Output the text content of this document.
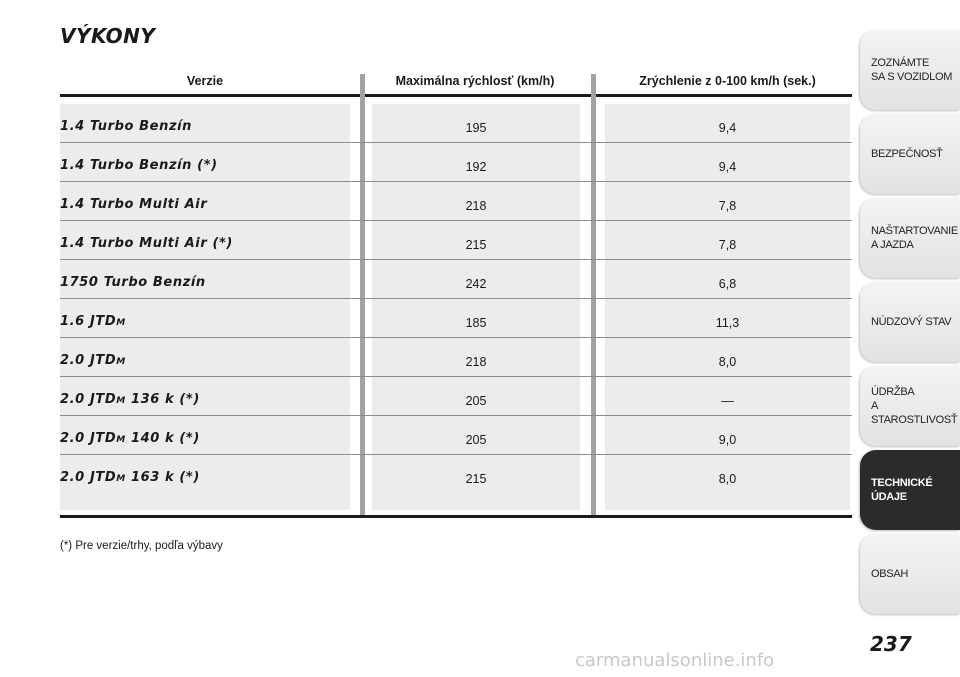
VÝKONY
Verzie	Maximálna rýchlosť (km/h)	Zrýchlenie z 0-100 km/h (sek.)
1.4 Turbo Benzín	195	9,4
1.4 Turbo Benzín (*)	192	9,4
1.4 Turbo Multi Air	218	7,8
1.4 Turbo Multi Air (*)	215	7,8
1750 Turbo Benzín	242	6,8
1.6 JTDM	185	11,3
2.0 JTDM	218	8,0
2.0 JTDM 136 k (*)	205	—
2.0 JTDM 140 k (*)	205	9,0
2.0 JTDM 163 k (*)	215	8,0
(*) Pre verzie/trhy, podľa výbavy
ZOZNÁMTE
SA S VOZIDLOM
BEZPEČNOSŤ
NAŠTARTOVANIE
A JAZDA
NÚDZOVÝ STAV
ÚDRŽBA
A STAROSTLIVOSŤ
TECHNICKÉ
ÚDAJE
OBSAH
237
carmanualsonline.info
